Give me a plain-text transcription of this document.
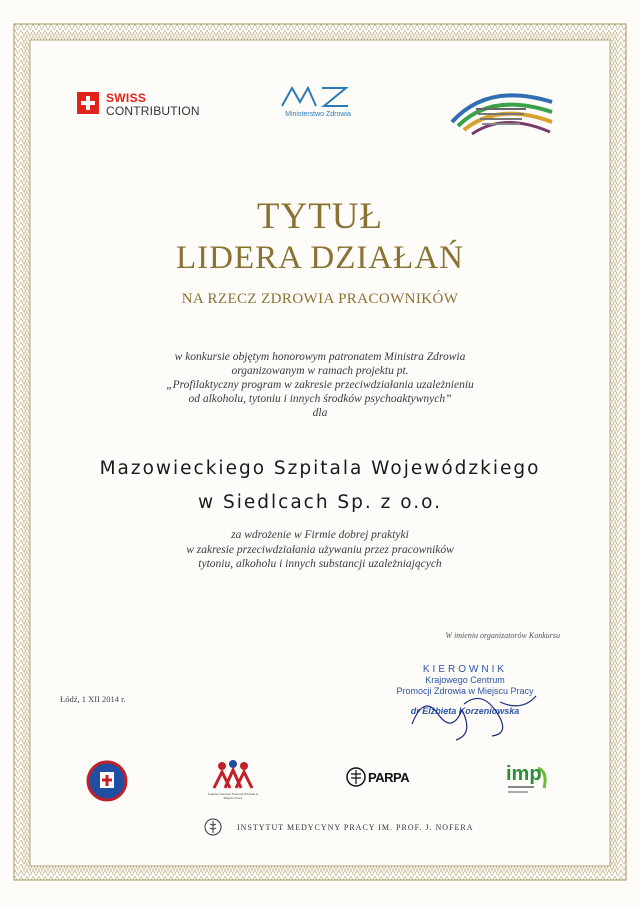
SWISS
CONTRIBUTION	Ministerstwo Zdrowia
TYTUŁ
LIDERA DZIAŁAŃ
NA RZECZ ZDROWIA PRACOWNIKÓW
w konkursie objętym honorowym patronatem Ministra Zdrowia
organizowanym w ramach projektu pt.
„Profilaktyczny program w zakresie przeciwdziałania uzależnieniu
od alkoholu, tytoniu i innych środków psychoaktywnych”
dla
Mazowieckiego Szpitala Wojewódzkiego
w Siedlcach Sp. z o.o.
za wdrożenie w Firmie dobrej praktyki
w zakresie przeciwdziałania używaniu przez pracowników
tytoniu, alkoholu i innych substancji uzależniających
W imieniu organizatorów Konkursu
Łódź, 1 XII 2014 r.
KIEROWNIK
Krajowego Centrum
Promocji Zdrowia w Miejscu Pracy
dr Elżbieta Korzeniowska
Krajowe Centrum Promocji Zdrowia w Miejscu Pracy
PARPA	imp
INSTYTUT MEDYCYNY PRACY IM. PROF. J. NOFERA
